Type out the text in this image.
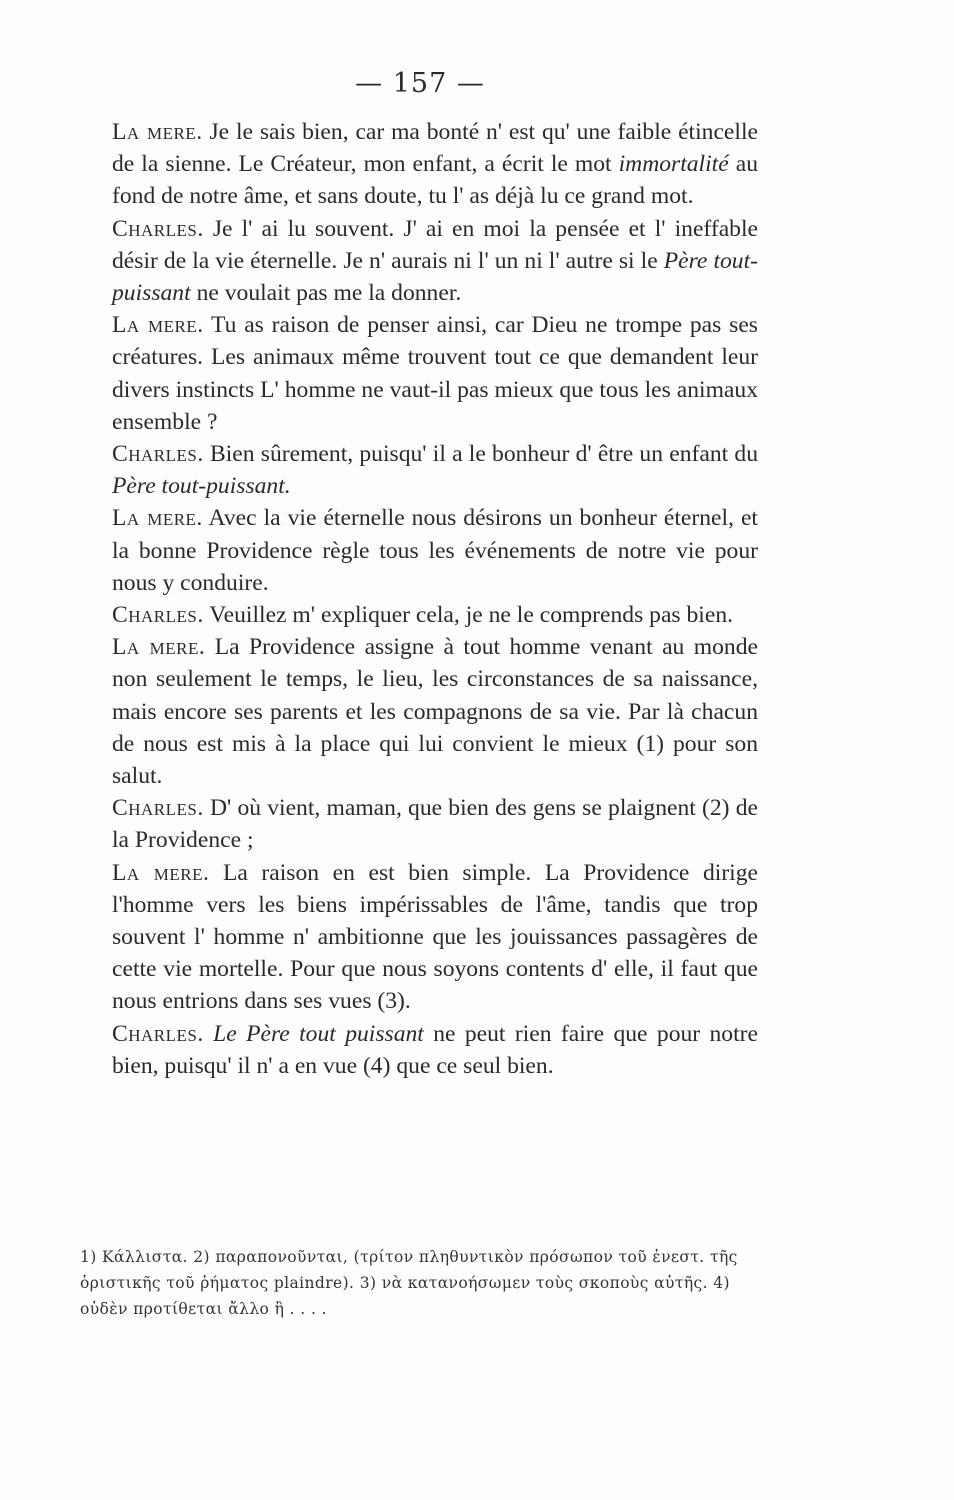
— 157 —

La mere. Je le sais bien, car ma bonté n' est qu' une faible étincelle de la sienne. Le Créateur, mon enfant, a écrit le mot immortalité au fond de notre âme, et sans doute, tu l' as déjà lu ce grand mot.

Charles. Je l' ai lu souvent. J' ai en moi la pensée et l' ineffable désir de la vie éternelle. Je n' aurais ni l' un ni l' autre si le Père tout-puissant ne voulait pas me la donner.

La mere. Tu as raison de penser ainsi, car Dieu ne trompe pas ses créatures. Les animaux même trouvent tout ce que demandent leur divers instincts L' homme ne vaut-il pas mieux que tous les animaux ensemble ?

Charles. Bien sûrement, puisqu' il a le bonheur d' être un enfant du Père tout-puissant.

La mere. Avec la vie éternelle nous désirons un bonheur éternel, et la bonne Providence règle tous les événements de notre vie pour nous y conduire.

Charles. Veuillez m' expliquer cela, je ne le comprends pas bien.

La mere. La Providence assigne à tout homme venant au monde non seulement le temps, le lieu, les circonstances de sa naissance, mais encore ses parents et les compagnons de sa vie. Par là chacun de nous est mis à la place qui lui convient le mieux (1) pour son salut.

Charles. D' où vient, maman, que bien des gens se plaignent (2) de la Providence ;

La mere. La raison en est bien simple. La Providence dirige l'homme vers les biens impérissables de l'âme, tandis que trop souvent l' homme n' ambitionne que les jouissances passagères de cette vie mortelle. Pour que nous soyons contents d' elle, il faut que nous entrions dans ses vues (3).

Charles. Le Père tout puissant ne peut rien faire que pour notre bien, puisqu' il n' a en vue (4) que ce seul bien.

1) Κάλλιστα. 2) παραπονοῦνται, (τρίτον πληθυντικὸν πρόσωπον τοῦ ἐνεστ. τῆς

ὁριστικῆς τοῦ ῥήματος plaindre). 3) νὰ κατανοήσωμεν τοὺς σκοποὺς αὐτῆς. 4)

οὐδὲν προτίθεται ἄλλο ἢ . . . .
